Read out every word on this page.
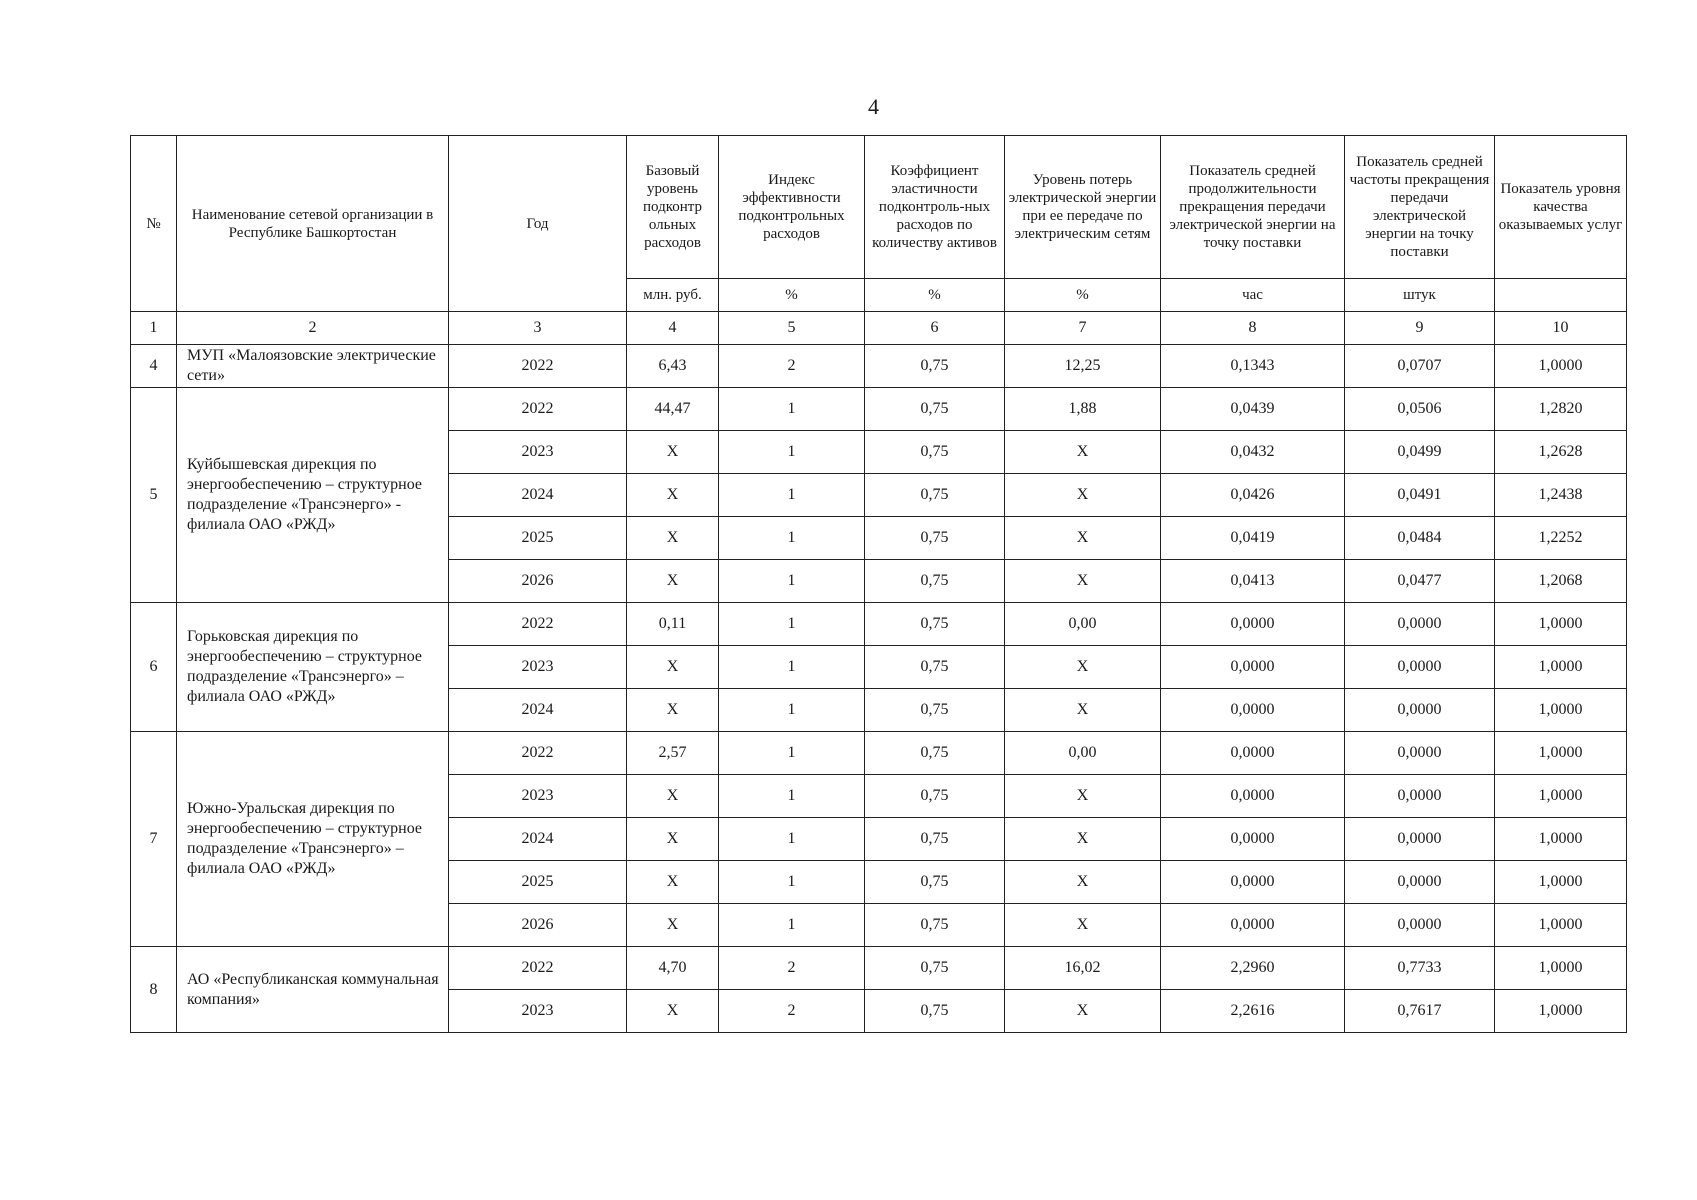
4
№	Наименование сетевой организации в Республике Башкортостан	Год	Базовый уровень подконтр ольных расходов	Индекс эффективности подконтрольных расходов	Коэффициент эластичности подконтроль-ных расходов по количеству активов	Уровень потерь электрической энергии при ее передаче по электрическим сетям	Показатель средней продолжительности прекращения передачи электрической энергии на точку поставки	Показатель средней частоты прекращения передачи электрической энергии на точку поставки	Показатель уровня качества оказываемых услуг
			млн. руб.	%	%	%	час	штук	
1	2	3	4	5	6	7	8	9	10
4	МУП «Малоязовские электрические сети»	2022	6,43	2	0,75	12,25	0,1343	0,0707	1,0000
5	Куйбышевская дирекция по энергообеспечению – структурное подразделение «Трансэнерго» - филиала ОАО «РЖД»	2022	44,47	1	0,75	1,88	0,0439	0,0506	1,2820
		2023	X	1	0,75	X	0,0432	0,0499	1,2628
		2024	X	1	0,75	X	0,0426	0,0491	1,2438
		2025	X	1	0,75	X	0,0419	0,0484	1,2252
		2026	X	1	0,75	X	0,0413	0,0477	1,2068
6	Горьковская дирекция по энергообеспечению – структурное подразделение «Трансэнерго» – филиала ОАО «РЖД»	2022	0,11	1	0,75	0,00	0,0000	0,0000	1,0000
		2023	X	1	0,75	X	0,0000	0,0000	1,0000
		2024	X	1	0,75	X	0,0000	0,0000	1,0000
7	Южно-Уральская дирекция по энергообеспечению – структурное подразделение «Трансэнерго» – филиала ОАО «РЖД»	2022	2,57	1	0,75	0,00	0,0000	0,0000	1,0000
		2023	X	1	0,75	X	0,0000	0,0000	1,0000
		2024	X	1	0,75	X	0,0000	0,0000	1,0000
		2025	X	1	0,75	X	0,0000	0,0000	1,0000
		2026	X	1	0,75	X	0,0000	0,0000	1,0000
8	АО «Республиканская коммунальная компания»	2022	4,70	2	0,75	16,02	2,2960	0,7733	1,0000
		2023	X	2	0,75	X	2,2616	0,7617	1,0000
